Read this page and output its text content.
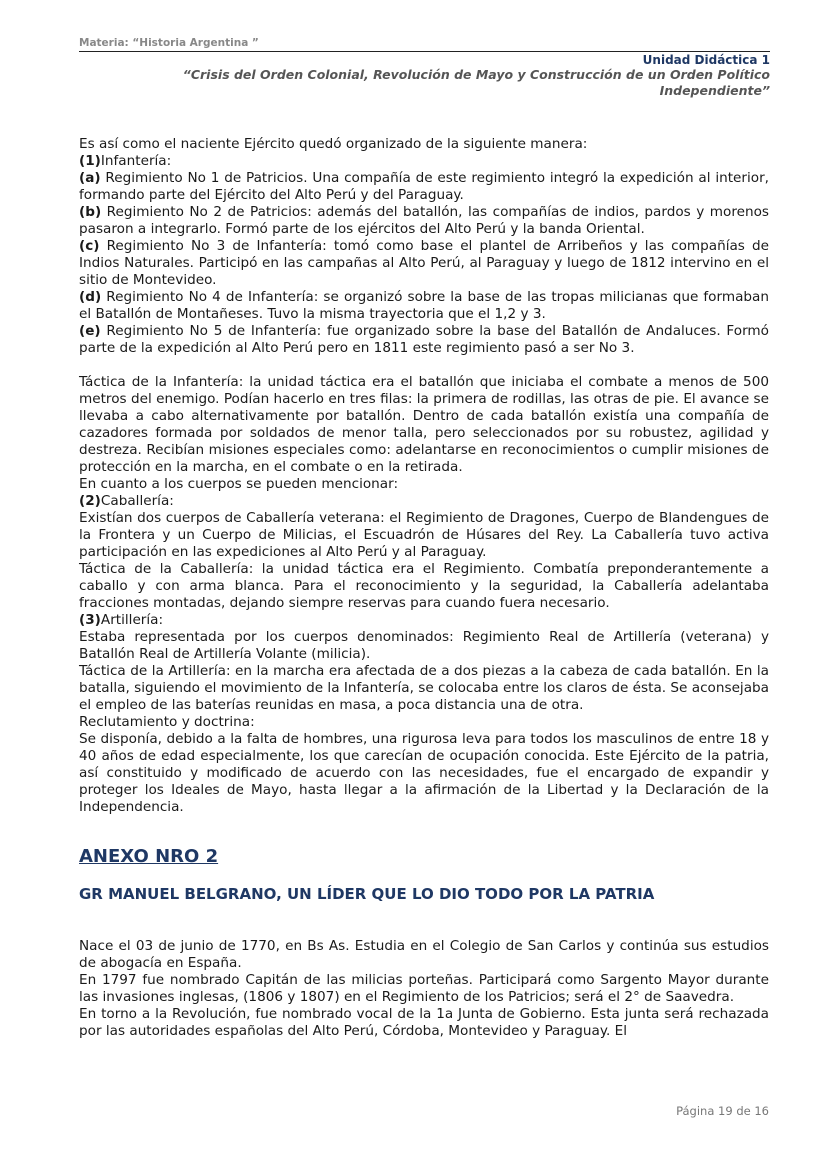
Materia: “Historia Argentina ”
Unidad Didáctica 1
“Crisis del Orden Colonial, Revolución de Mayo y Construcción de un Orden Político Independiente”

Es así como el naciente Ejército quedó organizado de la siguiente manera:

(1)Infantería:

(a) Regimiento No 1 de Patricios. Una compañía de este regimiento integró la expedición al interior, formando parte del Ejército del Alto Perú y del Paraguay.

(b) Regimiento No 2 de Patricios: además del batallón, las compañías de indios, pardos y morenos pasaron a integrarlo. Formó parte de los ejércitos del Alto Perú y la banda Oriental.

(c) Regimiento No 3 de Infantería: tomó como base el plantel de Arribeños y las compañías de Indios Naturales. Participó en las campañas al Alto Perú, al Paraguay y luego de 1812 intervino en el sitio de Montevideo.

(d) Regimiento No 4 de Infantería: se organizó sobre la base de las tropas milicianas que formaban el Batallón de Montañeses. Tuvo la misma trayectoria que el 1,2 y 3.

(e) Regimiento No 5 de Infantería: fue organizado sobre la base del Batallón de Andaluces. Formó parte de la expedición al Alto Perú pero en 1811 este regimiento pasó a ser No 3.

Táctica de la Infantería: la unidad táctica era el batallón que iniciaba el combate a menos de 500 metros del enemigo. Podían hacerlo en tres filas: la primera de rodillas, las otras de pie. El avance se llevaba a cabo alternativamente por batallón. Dentro de cada batallón existía una compañía de cazadores formada por soldados de menor talla, pero seleccionados por su robustez, agilidad y destreza. Recibían misiones especiales como: adelantarse en reconocimientos o cumplir misiones de protección en la marcha, en el combate o en la retirada.

En cuanto a los cuerpos se pueden mencionar:

(2)Caballería:

Existían dos cuerpos de Caballería veterana: el Regimiento de Dragones, Cuerpo de Blandengues de la Frontera y un Cuerpo de Milicias, el Escuadrón de Húsares del Rey. La Caballería tuvo activa participación en las expediciones al Alto Perú y al Paraguay.

Táctica de la Caballería: la unidad táctica era el Regimiento. Combatía preponderantemente a caballo y con arma blanca. Para el reconocimiento y la seguridad, la Caballería adelantaba fracciones montadas, dejando siempre reservas para cuando fuera necesario.

(3)Artillería:

Estaba representada por los cuerpos denominados: Regimiento Real de Artillería (veterana) y Batallón Real de Artillería Volante (milicia).

Táctica de la Artillería: en la marcha era afectada de a dos piezas a la cabeza de cada batallón. En la batalla, siguiendo el movimiento de la Infantería, se colocaba entre los claros de ésta. Se aconsejaba el empleo de las baterías reunidas en masa, a poca distancia una de otra.

Reclutamiento y doctrina:

Se disponía, debido a la falta de hombres, una rigurosa leva para todos los masculinos de entre 18 y 40 años de edad especialmente, los que carecían de ocupación conocida. Este Ejército de la patria, así constituido y modificado de acuerdo con las necesidades, fue el encargado de expandir y proteger los Ideales de Mayo, hasta llegar a la afirmación de la Libertad y la Declaración de la Independencia.

ANEXO NRO 2
GR MANUEL BELGRANO, UN LÍDER QUE LO DIO TODO POR LA PATRIA

Nace el 03 de junio de 1770, en Bs As. Estudia en el Colegio de San Carlos y continúa sus estudios de abogacía en España.

En 1797 fue nombrado Capitán de las milicias porteñas. Participará como Sargento Mayor durante las invasiones inglesas, (1806 y 1807) en el Regimiento de los Patricios; será el 2° de Saavedra.

En torno a la Revolución, fue nombrado vocal de la 1a Junta de Gobierno. Esta junta será rechazada por las autoridades españolas del Alto Perú, Córdoba, Montevideo y Paraguay. El

Página 19 de 16
